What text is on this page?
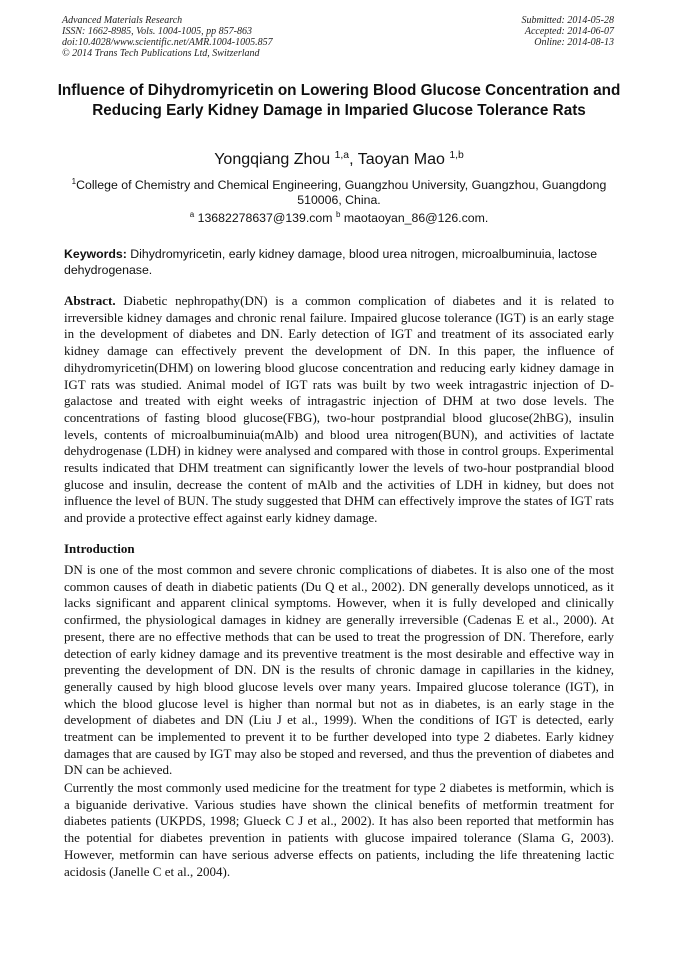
Advanced Materials Research
ISSN: 1662-8985, Vols. 1004-1005, pp 857-863
doi:10.4028/www.scientific.net/AMR.1004-1005.857
© 2014 Trans Tech Publications Ltd, Switzerland
Submitted: 2014-05-28
Accepted: 2014-06-07
Online: 2014-08-13
Influence of Dihydromyricetin on Lowering Blood Glucose Concentration and Reducing Early Kidney Damage in Imparied Glucose Tolerance Rats
Yongqiang Zhou $^{1,a}$, Taoyan Mao $^{1,b}$
$^1$College of Chemistry and Chemical Engineering, Guangzhou University, Guangzhou, Guangdong 510006, China.
$^a$ 13682278637@139.com $^b$ maotaoyan_86@126.com.
Keywords: Dihydromyricetin, early kidney damage, blood urea nitrogen, microalbuminuia, lactose dehydrogenase.
Abstract. Diabetic nephropathy(DN) is a common complication of diabetes and it is related to irreversible kidney damages and chronic renal failure. Impaired glucose tolerance (IGT) is an early stage in the development of diabetes and DN. Early detection of IGT and treatment of its associated early kidney damage can effectively prevent the development of DN. In this paper, the influence of dihydromyricetin(DHM) on lowering blood glucose concentration and reducing early kidney damage in IGT rats was studied. Animal model of IGT rats was built by two week intragastric injection of D-galactose and treated with eight weeks of intragastric injection of DHM at two dose levels. The concentrations of fasting blood glucose(FBG), two-hour postprandial blood glucose(2hBG), insulin levels, contents of microalbuminuia(mAlb) and blood urea nitrogen(BUN), and activities of lactate dehydrogenase (LDH) in kidney were analysed and compared with those in control groups. Experimental results indicated that DHM treatment can significantly lower the levels of two-hour postprandial blood glucose and insulin, decrease the content of mAlb and the activities of LDH in kidney, but does not influence the level of BUN. The study suggested that DHM can effectively improve the states of IGT rats and provide a protective effect against early kidney damage.
Introduction
DN is one of the most common and severe chronic complications of diabetes. It is also one of the most common causes of death in diabetic patients (Du Q et al., 2002). DN generally develops unnoticed, as it lacks significant and apparent clinical symptoms. However, when it is fully developed and clinically confirmed, the physiological damages in kidney are generally irreversible (Cadenas E et al., 2000). At present, there are no effective methods that can be used to treat the progression of DN. Therefore, early detection of early kidney damage and its preventive treatment is the most desirable and effective way in preventing the development of DN. DN is the results of chronic damage in capillaries in the kidney, generally caused by high blood glucose levels over many years. Impaired glucose tolerance (IGT), in which the blood glucose level is higher than normal but not as in diabetes, is an early stage in the development of diabetes and DN (Liu J et al., 1999). When the conditions of IGT is detected, early treatment can be implemented to prevent it to be further developed into type 2 diabetes. Early kidney damages that are caused by IGT may also be stoped and reversed, and thus the prevention of diabetes and DN can be achieved.
Currently the most commonly used medicine for the treatment for type 2 diabetes is metformin, which is a biguanide derivative. Various studies have shown the clinical benefits of metformin treatment for diabetes patients (UKPDS, 1998; Glueck C J et al., 2002). It has also been reported that metformin has the potential for diabetes prevention in patients with glucose impaired tolerance (Slama G, 2003). However, metformin can have serious adverse effects on patients, including the life threatening lactic acidosis (Janelle C et al., 2004).
